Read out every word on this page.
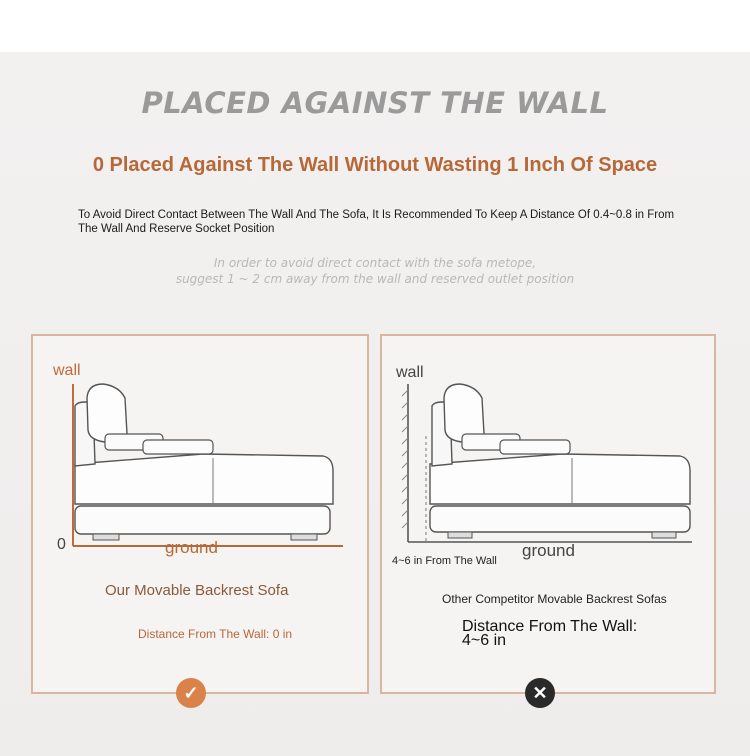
PLACED AGAINST THE WALL
0 Placed Against The Wall Without Wasting 1 Inch Of Space
To Avoid Direct Contact Between The Wall And The Sofa, It Is Recommended To Keep A Distance Of 0.4~0.8 in From The Wall And Reserve Socket Position
In order to avoid direct contact with the sofa metope,
suggest 1 ~ 2 cm away from the wall and reserved outlet position
wall
0	ground
Our Movable Backrest Sofa
Distance From The Wall: 0 in
wall
4~6 in From The Wall
ground
Other Competitor Movable Backrest Sofas
Distance From The Wall: 4~6 in
✓	✕
